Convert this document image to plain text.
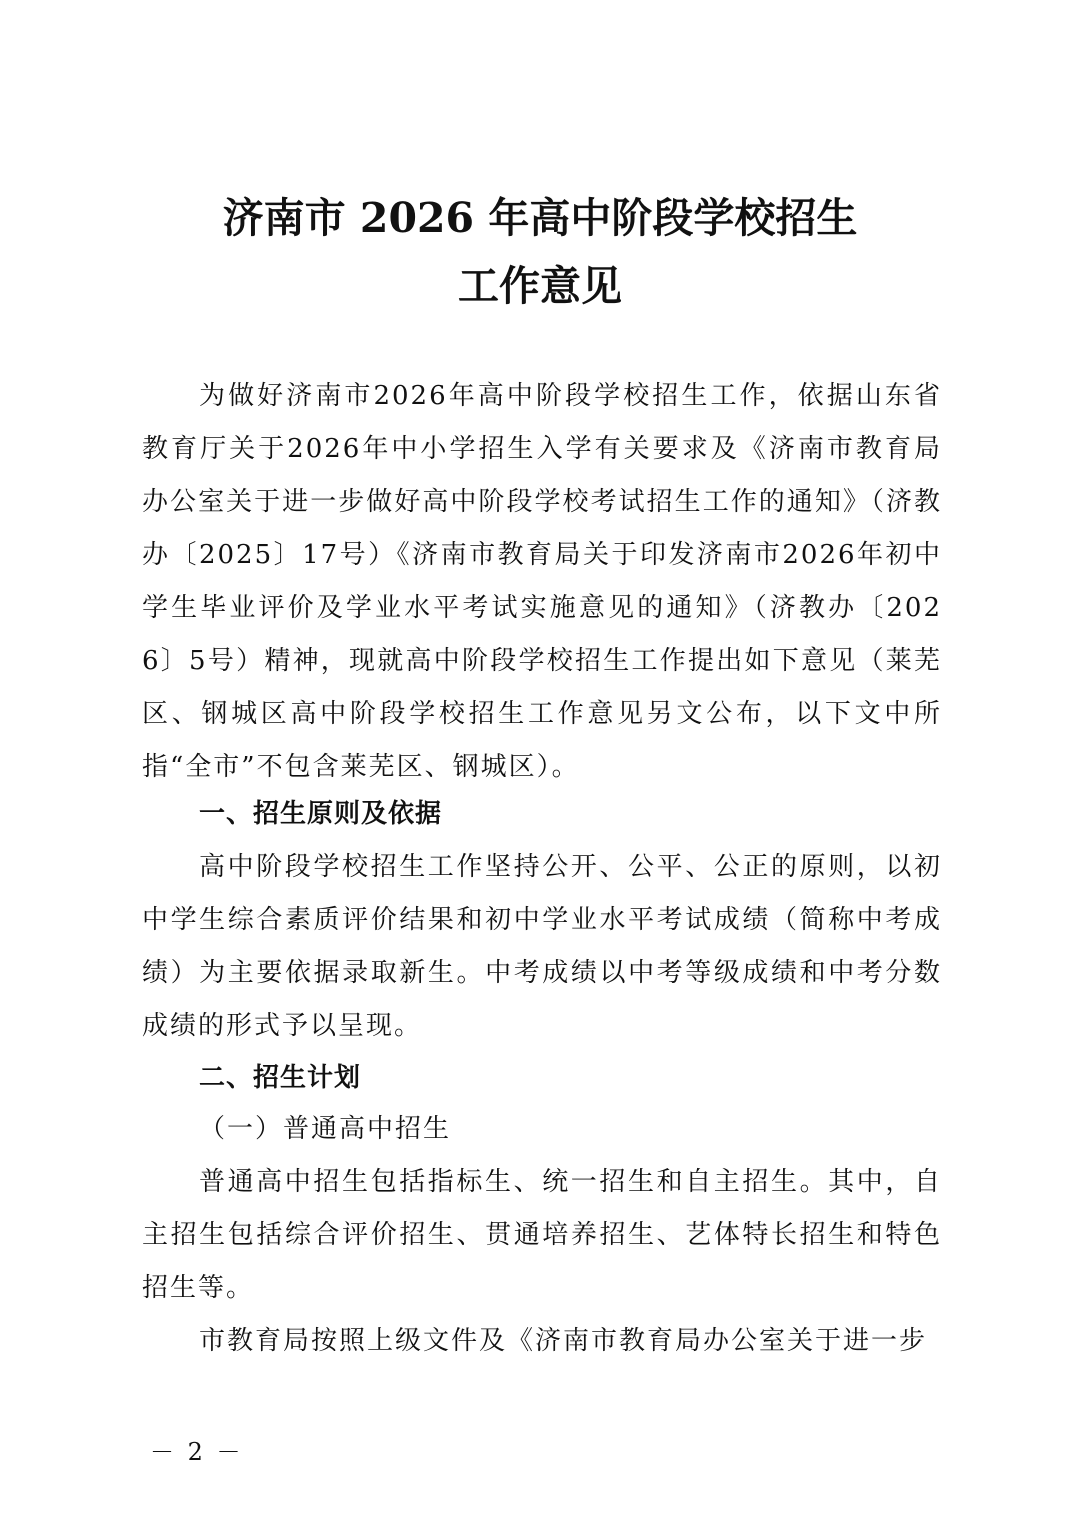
济南市 2026 年高中阶段学校招生
工作意见
为做好济南市2026年高中阶段学校招生工作，依据山东省教育厅关于2026年中小学招生入学有关要求及《济南市教育局办公室关于进一步做好高中阶段学校考试招生工作的通知》（济教办〔2025〕17号）《济南市教育局关于印发济南市2026年初中学生毕业评价及学业水平考试实施意见的通知》（济教办〔2026〕5号）精神，现就高中阶段学校招生工作提出如下意见（莱芜区、钢城区高中阶段学校招生工作意见另文公布，以下文中所指“全市”不包含莱芜区、钢城区）。
一、招生原则及依据
高中阶段学校招生工作坚持公开、公平、公正的原则，以初中学生综合素质评价结果和初中学业水平考试成绩（简称中考成绩）为主要依据录取新生。中考成绩以中考等级成绩和中考分数成绩的形式予以呈现。
二、招生计划
（一）普通高中招生
普通高中招生包括指标生、统一招生和自主招生。其中，自主招生包括综合评价招生、贯通培养招生、艺体特长招生和特色招生等。
市教育局按照上级文件及《济南市教育局办公室关于进一步
－ 2 －
